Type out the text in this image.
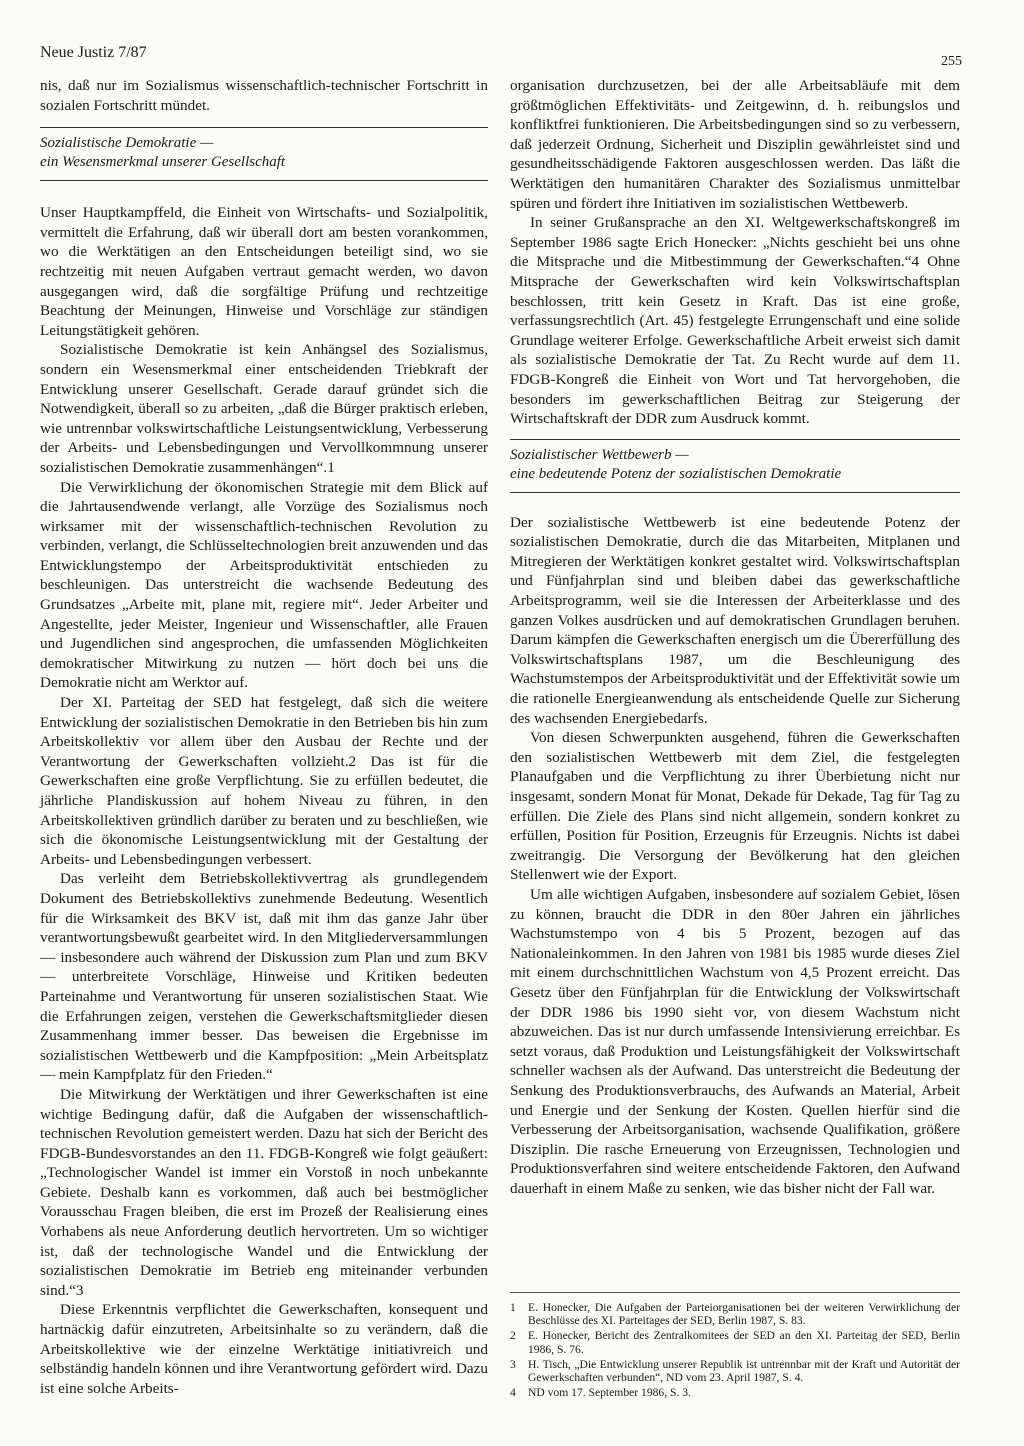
Neue Justiz 7/87
255

nis, daß nur im Sozialismus wissenschaftlich-technischer Fortschritt in sozialen Fortschritt mündet.

Sozialistische Demokratie —
ein Wesensmerkmal unserer Gesellschaft

Unser Hauptkampffeld, die Einheit von Wirtschafts- und Sozialpolitik, vermittelt die Erfahrung, daß wir überall dort am besten vorankommen, wo die Werktätigen an den Entscheidungen beteiligt sind, wo sie rechtzeitig mit neuen Aufgaben vertraut gemacht werden, wo davon ausgegangen wird, daß die sorgfältige Prüfung und rechtzeitige Beachtung der Meinungen, Hinweise und Vorschläge zur ständigen Leitungstätigkeit gehören.

Sozialistische Demokratie ist kein Anhängsel des Sozialismus, sondern ein Wesensmerkmal einer entscheidenden Triebkraft der Entwicklung unserer Gesellschaft. Gerade darauf gründet sich die Notwendigkeit, überall so zu arbeiten, „daß die Bürger praktisch erleben, wie untrennbar volkswirtschaftliche Leistungsentwicklung, Verbesserung der Arbeits- und Lebensbedingungen und Vervollkommnung unserer sozialistischen Demokratie zusammenhängen“.1

Die Verwirklichung der ökonomischen Strategie mit dem Blick auf die Jahrtausendwende verlangt, alle Vorzüge des Sozialismus noch wirksamer mit der wissenschaftlich-technischen Revolution zu verbinden, verlangt, die Schlüsseltechnologien breit anzuwenden und das Entwicklungstempo der Arbeitsproduktivität entschieden zu beschleunigen. Das unterstreicht die wachsende Bedeutung des Grundsatzes „Arbeite mit, plane mit, regiere mit“. Jeder Arbeiter und Angestellte, jeder Meister, Ingenieur und Wissenschaftler, alle Frauen und Jugendlichen sind angesprochen, die umfassenden Möglichkeiten demokratischer Mitwirkung zu nutzen — hört doch bei uns die Demokratie nicht am Werktor auf.

Der XI. Parteitag der SED hat festgelegt, daß sich die weitere Entwicklung der sozialistischen Demokratie in den Betrieben bis hin zum Arbeitskollektiv vor allem über den Ausbau der Rechte und der Verantwortung der Gewerkschaften vollzieht.2 Das ist für die Gewerkschaften eine große Verpflichtung. Sie zu erfüllen bedeutet, die jährliche Plandiskussion auf hohem Niveau zu führen, in den Arbeitskollektiven gründlich darüber zu beraten und zu beschließen, wie sich die ökonomische Leistungsentwicklung mit der Gestaltung der Arbeits- und Lebensbedingungen verbessert.

Das verleiht dem Betriebskollektivvertrag als grundlegendem Dokument des Betriebskollektivs zunehmende Bedeutung. Wesentlich für die Wirksamkeit des BKV ist, daß mit ihm das ganze Jahr über verantwortungsbewußt gearbeitet wird. In den Mitgliederversammlungen — insbesondere auch während der Diskussion zum Plan und zum BKV — unterbreitete Vorschläge, Hinweise und Kritiken bedeuten Parteinahme und Verantwortung für unseren sozialistischen Staat. Wie die Erfahrungen zeigen, verstehen die Gewerkschaftsmitglieder diesen Zusammenhang immer besser. Das beweisen die Ergebnisse im sozialistischen Wettbewerb und die Kampfposition: „Mein Arbeitsplatz — mein Kampfplatz für den Frieden.“

Die Mitwirkung der Werktätigen und ihrer Gewerkschaften ist eine wichtige Bedingung dafür, daß die Aufgaben der wissenschaftlich-technischen Revolution gemeistert werden. Dazu hat sich der Bericht des FDGB-Bundesvorstandes an den 11. FDGB-Kongreß wie folgt geäußert: „Technologischer Wandel ist immer ein Vorstoß in noch unbekannte Gebiete. Deshalb kann es vorkommen, daß auch bei bestmöglicher Vorausschau Fragen bleiben, die erst im Prozeß der Realisierung eines Vorhabens als neue Anforderung deutlich hervortreten. Um so wichtiger ist, daß der technologische Wandel und die Entwicklung der sozialistischen Demokratie im Betrieb eng miteinander verbunden sind.“3

Diese Erkenntnis verpflichtet die Gewerkschaften, konsequent und hartnäckig dafür einzutreten, Arbeitsinhalte so zu verändern, daß die Arbeitskollektive wie der einzelne Werktätige initiativreich und selbständig handeln können und ihre Verantwortung gefördert wird. Dazu ist eine solche Arbeits-

organisation durchzusetzen, bei der alle Arbeitsabläufe mit dem größtmöglichen Effektivitäts- und Zeitgewinn, d. h. reibungslos und konfliktfrei funktionieren. Die Arbeitsbedingungen sind so zu verbessern, daß jederzeit Ordnung, Sicherheit und Disziplin gewährleistet sind und gesundheitsschädigende Faktoren ausgeschlossen werden. Das läßt die Werktätigen den humanitären Charakter des Sozialismus unmittelbar spüren und fördert ihre Initiativen im sozialistischen Wettbewerb.

In seiner Grußansprache an den XI. Weltgewerkschaftskongreß im September 1986 sagte Erich Honecker: „Nichts geschieht bei uns ohne die Mitsprache und die Mitbestimmung der Gewerkschaften.“4 Ohne Mitsprache der Gewerkschaften wird kein Volkswirtschaftsplan beschlossen, tritt kein Gesetz in Kraft. Das ist eine große, verfassungsrechtlich (Art. 45) festgelegte Errungenschaft und eine solide Grundlage weiterer Erfolge. Gewerkschaftliche Arbeit erweist sich damit als sozialistische Demokratie der Tat. Zu Recht wurde auf dem 11. FDGB-Kongreß die Einheit von Wort und Tat hervorgehoben, die besonders im gewerkschaftlichen Beitrag zur Steigerung der Wirtschaftskraft der DDR zum Ausdruck kommt.

Sozialistischer Wettbewerb —
eine bedeutende Potenz der sozialistischen Demokratie

Der sozialistische Wettbewerb ist eine bedeutende Potenz der sozialistischen Demokratie, durch die das Mitarbeiten, Mitplanen und Mitregieren der Werktätigen konkret gestaltet wird. Volkswirtschaftsplan und Fünfjahrplan sind und bleiben dabei das gewerkschaftliche Arbeitsprogramm, weil sie die Interessen der Arbeiterklasse und des ganzen Volkes ausdrücken und auf demokratischen Grundlagen beruhen. Darum kämpfen die Gewerkschaften energisch um die Übererfüllung des Volkswirtschaftsplans 1987, um die Beschleunigung des Wachstumstempos der Arbeitsproduktivität und der Effektivität sowie um die rationelle Energieanwendung als entscheidende Quelle zur Sicherung des wachsenden Energiebedarfs.

Von diesen Schwerpunkten ausgehend, führen die Gewerkschaften den sozialistischen Wettbewerb mit dem Ziel, die festgelegten Planaufgaben und die Verpflichtung zu ihrer Überbietung nicht nur insgesamt, sondern Monat für Monat, Dekade für Dekade, Tag für Tag zu erfüllen. Die Ziele des Plans sind nicht allgemein, sondern konkret zu erfüllen, Position für Position, Erzeugnis für Erzeugnis. Nichts ist dabei zweitrangig. Die Versorgung der Bevölkerung hat den gleichen Stellenwert wie der Export.

Um alle wichtigen Aufgaben, insbesondere auf sozialem Gebiet, lösen zu können, braucht die DDR in den 80er Jahren ein jährliches Wachstumstempo von 4 bis 5 Prozent, bezogen auf das Nationaleinkommen. In den Jahren von 1981 bis 1985 wurde dieses Ziel mit einem durchschnittlichen Wachstum von 4,5 Prozent erreicht. Das Gesetz über den Fünfjahrplan für die Entwicklung der Volkswirtschaft der DDR 1986 bis 1990 sieht vor, von diesem Wachstum nicht abzuweichen. Das ist nur durch umfassende Intensivierung erreichbar. Es setzt voraus, daß Produktion und Leistungsfähigkeit der Volkswirtschaft schneller wachsen als der Aufwand. Das unterstreicht die Bedeutung der Senkung des Produktionsverbrauchs, des Aufwands an Material, Arbeit und Energie und der Senkung der Kosten. Quellen hierfür sind die Verbesserung der Arbeitsorganisation, wachsende Qualifikation, größere Disziplin. Die rasche Erneuerung von Erzeugnissen, Technologien und Produktionsverfahren sind weitere entscheidende Faktoren, den Aufwand dauerhaft in einem Maße zu senken, wie das bisher nicht der Fall war.

1	E. Honecker, Die Aufgaben der Parteiorganisationen bei der weiteren Verwirklichung der Beschlüsse des XI. Parteitages der SED, Berlin 1987, S. 83.
2	E. Honecker, Bericht des Zentralkomitees der SED an den XI. Parteitag der SED, Berlin 1986, S. 76.
3	H. Tisch, „Die Entwicklung unserer Republik ist untrennbar mit der Kraft und Autorität der Gewerkschaften verbunden“, ND vom 23. April 1987, S. 4.
4	ND vom 17. September 1986, S. 3.
